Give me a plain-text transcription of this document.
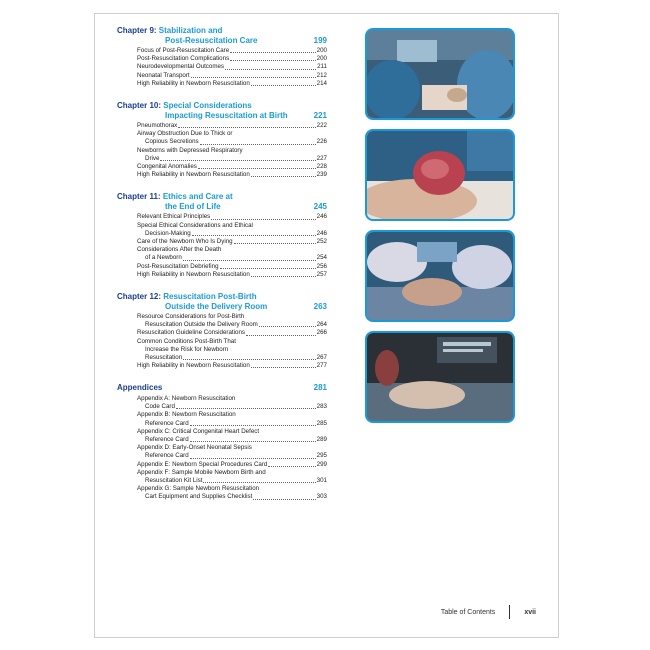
Chapter 9: Stabilization and
Post-Resuscitation Care	199
Focus of Post-Resuscitation Care	200
Post-Resuscitation Complications	200
Neurodevelopmental Outcomes	211
Neonatal Transport	212
High Reliability in Newborn Resuscitation	214
Chapter 10: Special Considerations
Impacting Resuscitation at Birth	221
Pneumothorax	222
Airway Obstruction Due to Thick or
Copious Secretions	226
Newborns with Depressed Respiratory
Drive	227
Congenital Anomalies	228
High Reliability in Newborn Resuscitation	239
Chapter 11: Ethics and Care at
the End of Life	245
Relevant Ethical Principles	246
Special Ethical Considerations and Ethical
Decision-Making	246
Care of the Newborn Who Is Dying	252
Considerations After the Death
of a Newborn	254
Post-Resuscitation Debriefing	256
High Reliability in Newborn Resuscitation	257
Chapter 12: Resuscitation Post-Birth
Outside the Delivery Room	263
Resource Considerations for Post-Birth
Resuscitation Outside the Delivery Room	264
Resuscitation Guideline Considerations	266
Common Conditions Post-Birth That
Increase the Risk for Newborn
Resuscitation	267
High Reliability in Newborn Resuscitation	277
Appendices	281
Appendix A: Newborn Resuscitation
Code Card	283
Appendix B: Newborn Resuscitation
Reference Card	285
Appendix C: Critical Congenital Heart Defect
Reference Card	289
Appendix D: Early-Onset Neonatal Sepsis
Reference Card	295
Appendix E: Newborn Special Procedures Card	299
Appendix F: Sample Mobile Newborn Birth and
Resuscitation Kit List	301
Appendix G: Sample Newborn Resuscitation
Cart Equipment and Supplies Checklist	303
Table of Contents	xvii
